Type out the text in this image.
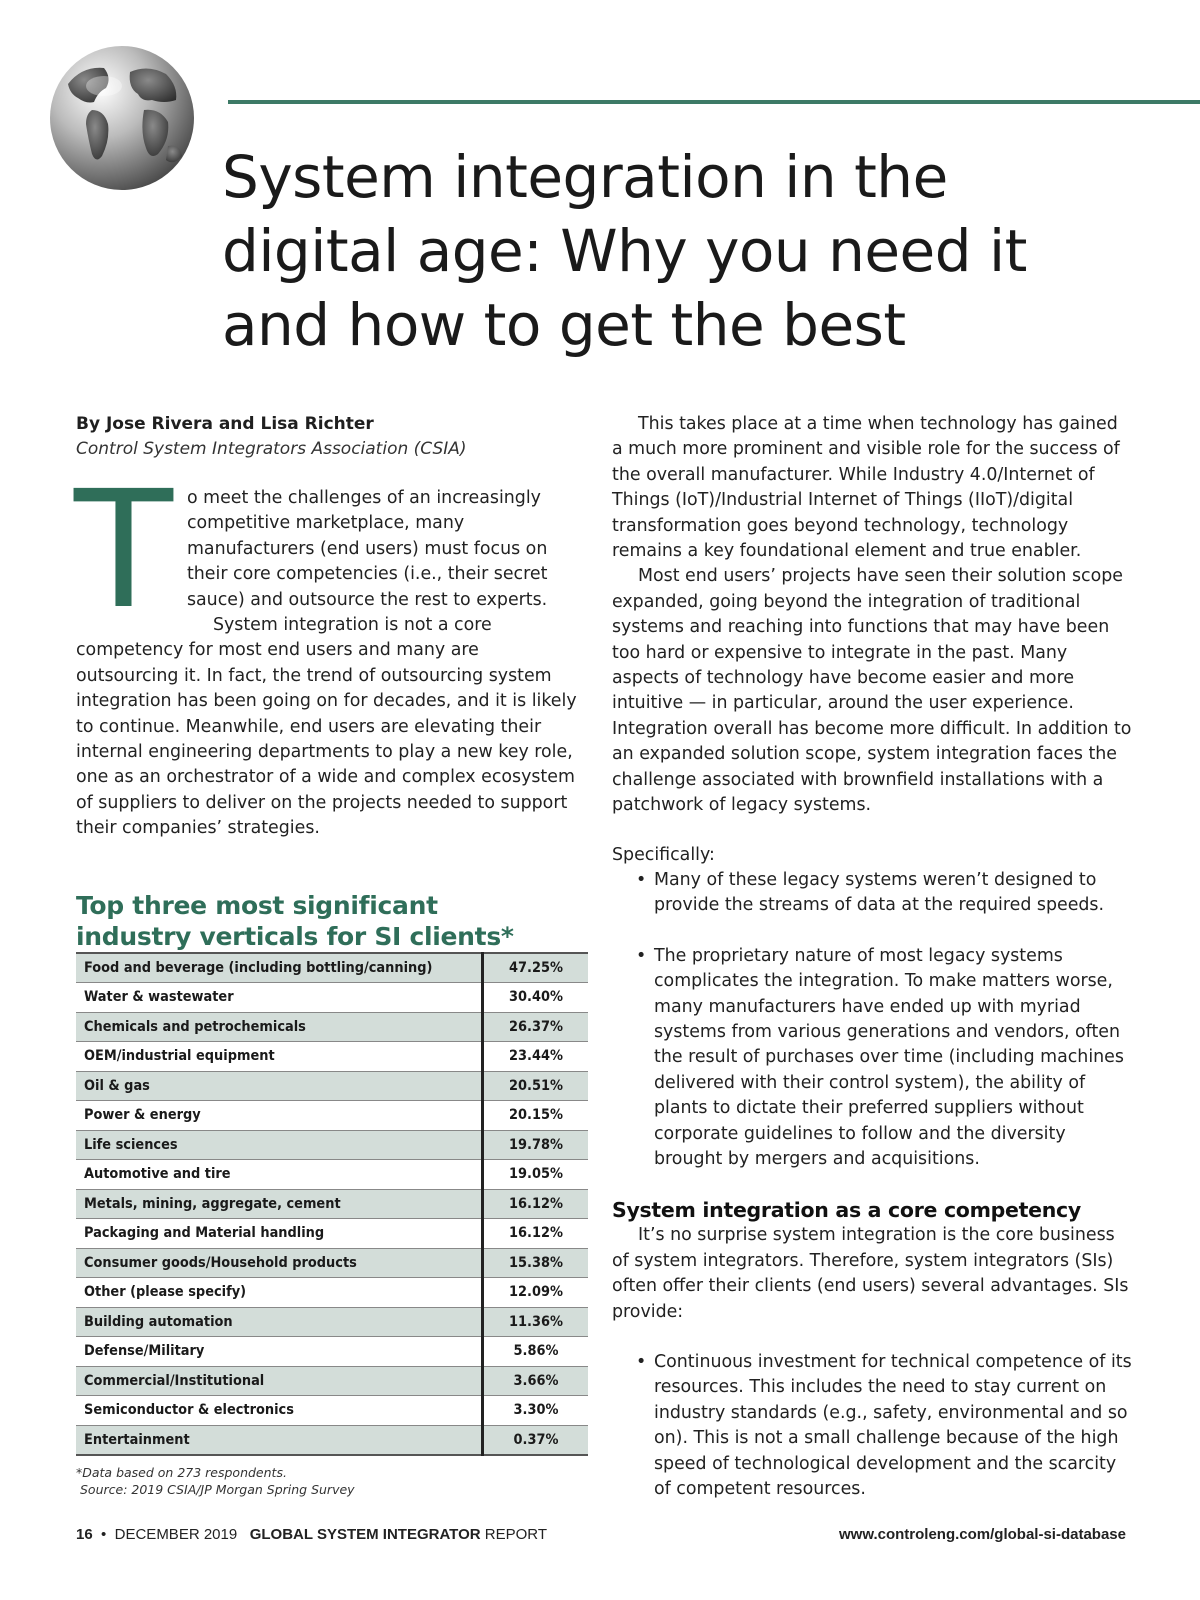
System integration in the
digital age: Why you need it
and how to get the best

By Jose Rivera and Lisa Richter

Control System Integrators Association (CSIA)

T o meet the challenges of an increasingly competitive marketplace, many manufacturers (end users) must focus on their core competencies (i.e., their secret sauce) and outsource the rest to experts.

System integration is not a core competency for most end users and many are outsourcing it. In fact, the trend of outsourcing system integration has been going on for decades, and it is likely to continue. Meanwhile, end users are elevating their internal engineering departments to play a new key role, one as an orchestrator of a wide and complex ecosystem of suppliers to deliver on the projects needed to support their companies’ strategies.

Top three most significant
industry verticals for SI clients*
Food and beverage (including bottling/canning)	47.25%
Water & wastewater	30.40%
Chemicals and petrochemicals	26.37%
OEM/industrial equipment	23.44%
Oil & gas	20.51%
Power & energy	20.15%
Life sciences	19.78%
Automotive and tire	19.05%
Metals, mining, aggregate, cement	16.12%
Packaging and Material handling	16.12%
Consumer goods/Household products	15.38%
Other (please specify)	12.09%
Building automation	11.36%
Defense/Military	5.86%
Commercial/Institutional	3.66%
Semiconductor & electronics	3.30%
Entertainment	0.37%

*Data based on 273 respondents.
Source: 2019 CSIA/JP Morgan Spring Survey

This takes place at a time when technology has gained a much more prominent and visible role for the success of the overall manufacturer. While Industry 4.0/Internet of Things (IoT)/Industrial Internet of Things (IIoT)/digital transformation goes beyond technology, technology remains a key foundational element and true enabler.

Most end users’ projects have seen their solution scope expanded, going beyond the integration of traditional systems and reaching into functions that may have been too hard or expensive to integrate in the past. Many aspects of technology have become easier and more intuitive — in particular, around the user experience. Integration overall has become more difficult. In addition to an expanded solution scope, system integration faces the challenge associated with brownfield installations with a patchwork of legacy systems.

Specifically:

• Many of these legacy systems weren’t designed to provide the streams of data at the required speeds.
• The proprietary nature of most legacy systems complicates the integration. To make matters worse, many manufacturers have ended up with myriad systems from various generations and vendors, often the result of purchases over time (including machines delivered with their control system), the ability of plants to dictate their preferred suppliers without corporate guidelines to follow and the diversity brought by mergers and acquisitions.
System integration as a core competency

It’s no surprise system integration is the core business of system integrators. Therefore, system integrators (SIs) often offer their clients (end users) several advantages. SIs provide:

• Continuous investment for technical competence of its resources. This includes the need to stay current on industry standards (e.g., safety, environmental and so on). This is not a small challenge because of the high speed of technological development and the scarcity of competent resources.
16 • DECEMBER 2019 GLOBAL SYSTEM INTEGRATOR REPORT	www.controleng.com/global-si-database
